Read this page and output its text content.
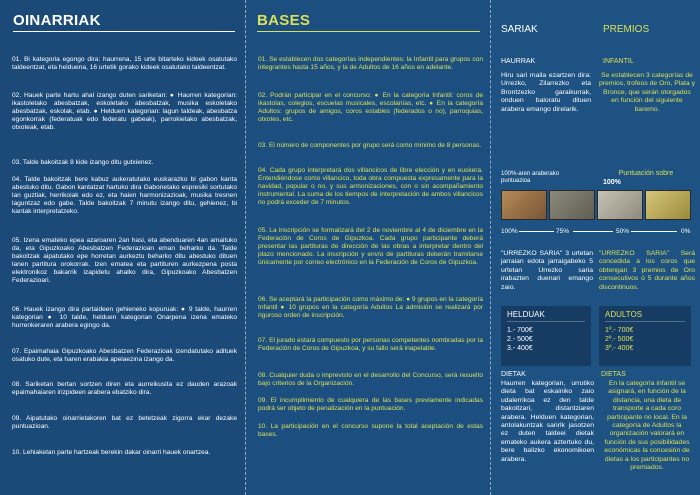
OINARRIAK
01. Bi kategoria egongo dira: haurrena, 15 urte bitarteko kideek osatutako taldeentzat, eta helduena, 16 urtetik gorako kideek osatutako taldeentzat.
02. Hauek parte hartu ahal izango duten sariketan: ● Haurren kategorian: ikastoletako abesbatzak, eskoletako abesbatzak, musika eskoletako abesbatzak, eskolak, etab. ● Helduen kategorian: lagun taldeak, abesbatza egonkorrak (federatuak edo federatu gabeak), parrokietako abesbatzak, otxoteak, etab.
03. Talde bakoitzak 8 kide izango ditu gutxienez.
04. Talde bakoitzak bere kabuz aukeratutako euskarazko bi gabon kanta abestuko ditu. Gabon kantatzat hartuko dira Gabonetako espresiki sortutako lan guztiak, herrikoiak edo ez, eta haien harmonizazioak, musika tresnen laguntzaz edo gabe. Talde bakoitzak 7 minutu izango ditu, gehienez, bi kantak interpretatzeko.
05. Izena emateko epea azaroaren 2an hasi, eta abenduaren 4an amaituko da, eta Gipuzkoako Abesbatzen Federazioan eman beharko da. Talde bakoitzak aipatutako epe horretan aurkeztu beharko ditu abestuko dituen lanen partitura orokorrak. Izen ematea eta partituren aurkezpena posta elektronikoz bakarrik izapidetu ahalko dira, Gipuzkoako Abesbatzen Federazioari.
06. Hauek izango dira partaideen gehieneko kopuruak: ● 9 talde, haurren kategorian ● 10 talde, helduen kategorian Onarpena izena emateko hurrenkeraren arabera egingo da.
07. Epaimahaia Gipuzkoako Abesbatzen Federazioak izendatutako adituek osatuko dute, eta haren erabakia apelaezina izango da.
08. Sariketan bertan sortzen diren eta aurreikusita ez dauden arazoak epaimahaiaren irizpideen arabera ebatziko dira.
09. Aipatutako oinarrietakoren bat ez betetzeak zigorra ekar dezake puntuazioan.
10. Lehiaketan parte hartzeak berekin dakar oinarri hauek onartzea.
BASES
01. Se establecen dos categorías independientes: la Infantil para grupos con integrantes hasta 15 años, y la de Adultos de 16 años en adelante.
02. Podrán participar en el concurso: ● En la categoría Infantil: coros de ikastolas, colegios, escuelas musicales, escolanías, etc. ● En la categoría Adultos: grupos de amigos, coros estables (federados o no), parroquias, otxotes, etc.
03. El número de componentes por grupo será como mínimo de 8 personas.
04. Cada grupo interpretará dos villancicos de libre elección y en euskera. Entendiéndose como villancico, toda obra compuesta expresamente para la navidad, popular o no, y sus armonizaciones, con o sin acompañamiento instrumental. La suma de los tiempos de interpretación de ambos villancicos no podrá exceder de 7 minutos.
05. La inscripción se formalizará del 2 de noviembre al 4 de diciembre en la Federación de Coros de Gipuzkoa. Cada grupo participante deberá presentar las partituras de dirección de las obras a interpretar dentro del plazo mencionado. La inscripción y envío de partituras deberán tramitarse únicamente por correo electrónico en la Federación de Coros de Gipuzkoa.
06. Se aceptará la participación como máximo de: ● 9 grupos en la categoría Infantil ● 10 grupos en la categoría Adultos La admisión se realizará por riguroso orden de inscripción.
07. El jurado estará compuesto por personas competentes nombradas por la Federación de Coros de Gipuzkoa, y su fallo será inapelable.
08. Cualquier duda o imprevisto en el desarrollo del Concurso, será resuelto bajo criterios de la Organización.
09. El incumplimiento de cualquiera de las bases previamente indicadas podrá ser objeto de penalización en la puntuación.
10. La participación en el concurso supone la total aceptación de estas bases.
SARIAK	PREMIOS
HAURRAK	INFANTIL
Hiru sari maila ezartzen dira: Urrezko, Zilarrezko eta Brontzezko garaikurrak, onduen baloratu dituen arabera emango direlarik.
Se establecen 3 categorías de premios, trofeos de Oro, Plata y Bronce, que serán otorgados en función del siguiente baremo.
100%-aren araberako puntuazioa
Puntuación sobre
100%
100%	75%	50%	0%
"URREZKO SARIA" 3 urtetan jarraian edota jarraigabeko 5 urtetan Urrezko saria irabazten duenari emango zaio.
"URREZKO SARIA" Será concedida a los coros que obtengan 3 premios de Oro consecutivos ó 5 durante años discontinuos.
HELDUAK
1.- 700€
2.- 500€
3.- 400€
ADULTOS
1º.- 700€
2º.- 500€
3º.- 400€
DIETAK	DIETAS
Haurren kategorian, urrutiko dieta bat eskainiko zaio udalerrikoa ez den talde bakoitzari, distantziaren arabera. Helduen kategorian, antolakuntzak sarirlk jasotzen ez duten taldeei dietak emateko aukera aztertuko du, bere balizko ekonomikoen arabera.
En la categoría infantil se asignará, en función de la distancia, una dieta de transporte a cada coro participante no local. En la categoría de Adultos la organización valorará en función de sus posibilidades económicas la concesión de dietas a los participantes no premiados.
